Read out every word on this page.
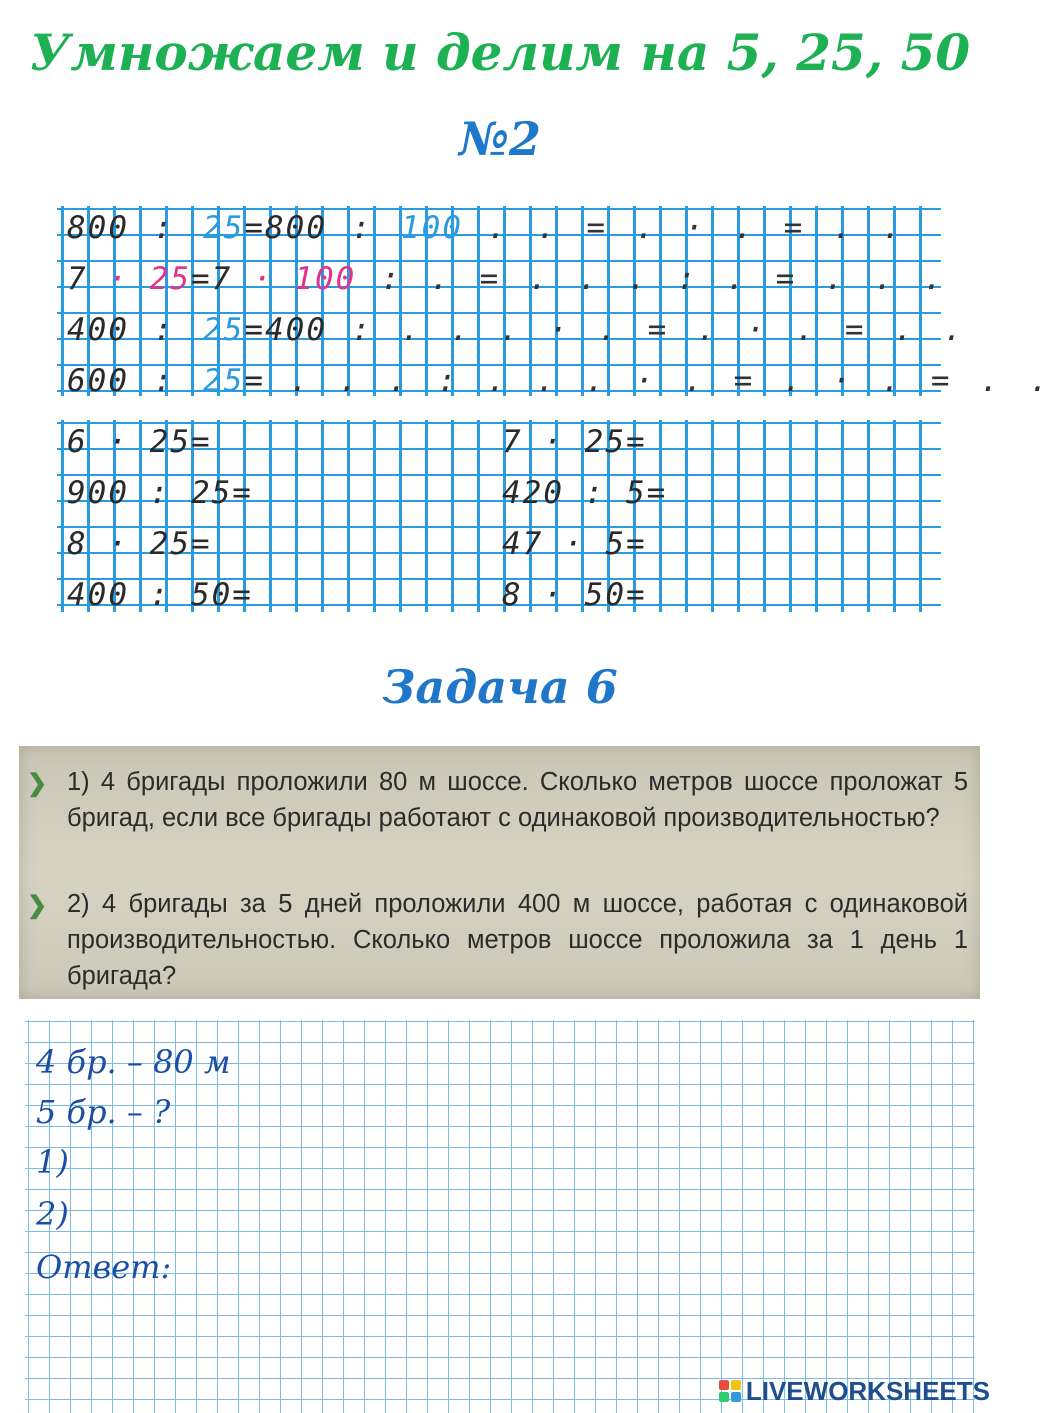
Умножаем и делим на 5, 25, 50
№2
800 : 25=800 : 100 . . = . · . = . .
7 · 25=7 · 100 : . = . . . : . = . . .
400 : 25=400 : . . . · . = . · . = . .
600 : 25= . . . : . . . · . = . · . = . .
6 · 25=
900 : 25=
8 · 25=
400 : 50=
7 · 25=
420 : 5=
47 · 5=
8 · 50=
Задача 6
❯ 1) 4 бригады проложили 80 м шоссе. Сколько метров шоссе проложат 5 бригад, если все бригады работают с одинаковой производительностью?
❯ 2) 4 бригады за 5 дней проложили 400 м шоссе, работая с одинаковой производительностью. Сколько метров шоссе проложила за 1 день 1 бригада?
4 бр. – 80 м
5 бр. – ?
1)
2)
Ответ:
LIVEWORKSHEETS
